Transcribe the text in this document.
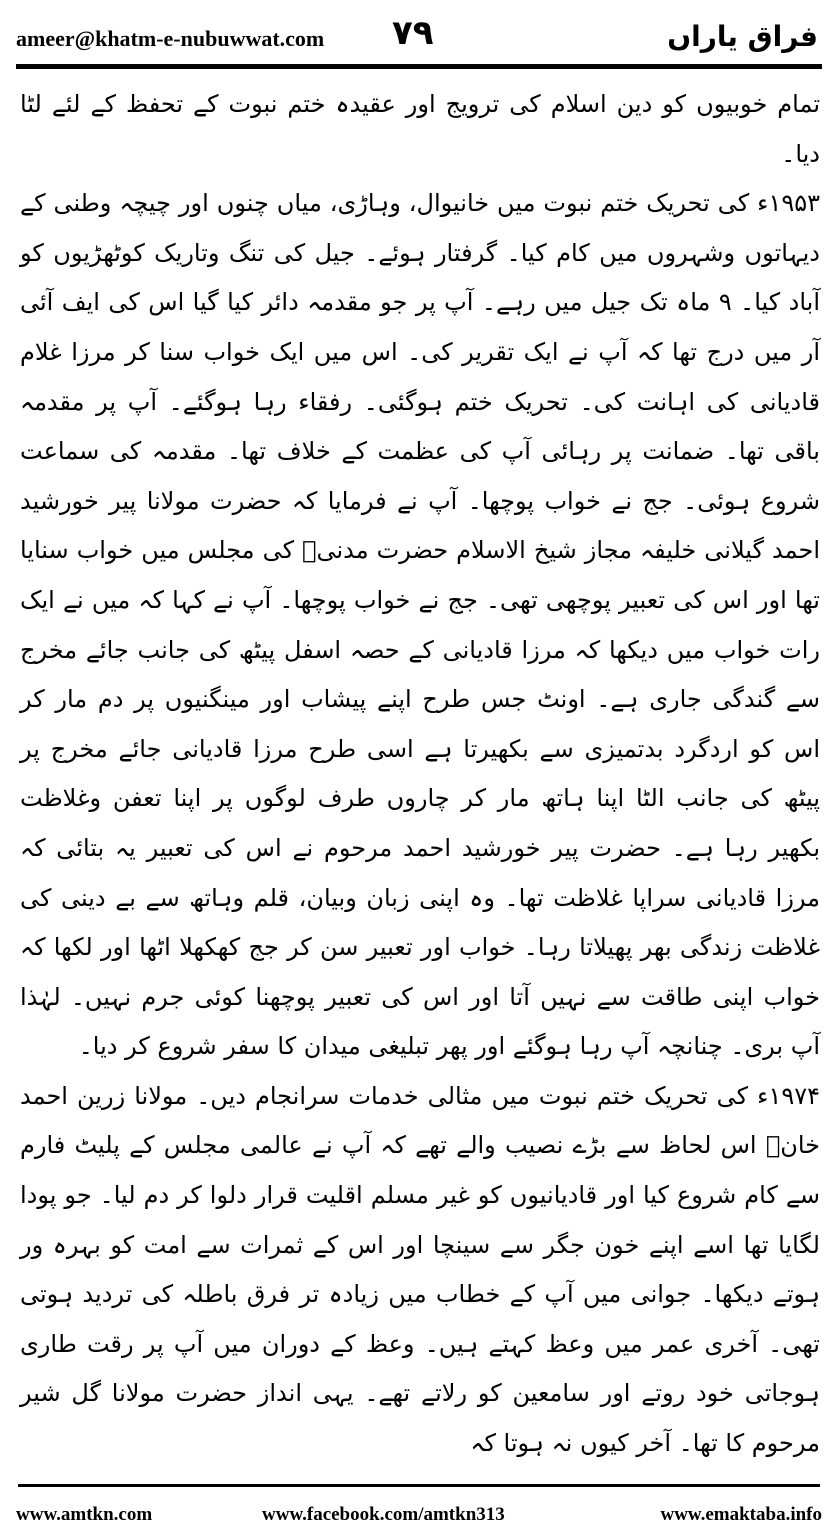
ameer@khatm-e-nubuwwat.com ۷۹	فراق یاراں

تمام خوبیوں کو دین اسلام کی ترویج اور عقیدہ ختم نبوت کے تحفظ کے لئے لٹا دیا۔

۱۹۵۳ء کی تحریک ختم نبوت میں خانیوال، وہاڑی، میاں چنوں اور چیچہ وطنی کے دیہاتوں وشہروں میں کام کیا۔ گرفتار ہوئے۔ جیل کی تنگ وتاریک کوٹھڑیوں کو آباد کیا۔ ۹ ماہ تک جیل میں رہے۔ آپ پر جو مقدمہ دائر کیا گیا اس کی ایف آئی آر میں درج تھا کہ آپ نے ایک تقریر کی۔ اس میں ایک خواب سنا کر مرزا غلام قادیانی کی اہانت کی۔ تحریک ختم ہوگئی۔ رفقاء رہا ہوگئے۔ آپ پر مقدمہ باقی تھا۔ ضمانت پر رہائی آپ کی عظمت کے خلاف تھا۔ مقدمہ کی سماعت شروع ہوئی۔ جج نے خواب پوچھا۔ آپ نے فرمایا کہ حضرت مولانا پیر خورشید احمد گیلانی خلیفہ مجاز شیخ الاسلام حضرت مدنیؒ کی مجلس میں خواب سنایا تھا اور اس کی تعبیر پوچھی تھی۔ جج نے خواب پوچھا۔ آپ نے کہا کہ میں نے ایک رات خواب میں دیکھا کہ مرزا قادیانی کے حصہ اسفل پیٹھ کی جانب جائے مخرج سے گندگی جاری ہے۔ اونٹ جس طرح اپنے پیشاب اور مینگنیوں پر دم مار کر اس کو اردگرد بدتمیزی سے بکھیرتا ہے اسی طرح مرزا قادیانی جائے مخرج پر پیٹھ کی جانب الٹا اپنا ہاتھ مار کر چاروں طرف لوگوں پر اپنا تعفن وغلاظت بکھیر رہا ہے۔ حضرت پیر خورشید احمد مرحوم نے اس کی تعبیر یہ بتائی کہ مرزا قادیانی سراپا غلاظت تھا۔ وہ اپنی زبان وبیان، قلم وہاتھ سے بے دینی کی غلاظت زندگی بھر پھیلاتا رہا۔ خواب اور تعبیر سن کر جج کھکھلا اٹھا اور لکھا کہ خواب اپنی طاقت سے نہیں آتا اور اس کی تعبیر پوچھنا کوئی جرم نہیں۔ لہٰذا آپ بری۔ چنانچہ آپ رہا ہوگئے اور پھر تبلیغی میدان کا سفر شروع کر دیا۔

۱۹۷۴ء کی تحریک ختم نبوت میں مثالی خدمات سرانجام دیں۔ مولانا زرین احمد خانؒ اس لحاظ سے بڑے نصیب والے تھے کہ آپ نے عالمی مجلس کے پلیٹ فارم سے کام شروع کیا اور قادیانیوں کو غیر مسلم اقلیت قرار دلوا کر دم لیا۔ جو پودا لگایا تھا اسے اپنے خون جگر سے سینچا اور اس کے ثمرات سے امت کو بہرہ ور ہوتے دیکھا۔ جوانی میں آپ کے خطاب میں زیادہ تر فرق باطلہ کی تردید ہوتی تھی۔ آخری عمر میں وعظ کہتے ہیں۔ وعظ کے دوران میں آپ پر رقت طاری ہوجاتی خود روتے اور سامعین کو رلاتے تھے۔ یہی انداز حضرت مولانا گل شیر مرحوم کا تھا۔ آخر کیوں نہ ہوتا کہ

www.amtkn.com	www.facebook.com/amtkn313	www.emaktaba.info
